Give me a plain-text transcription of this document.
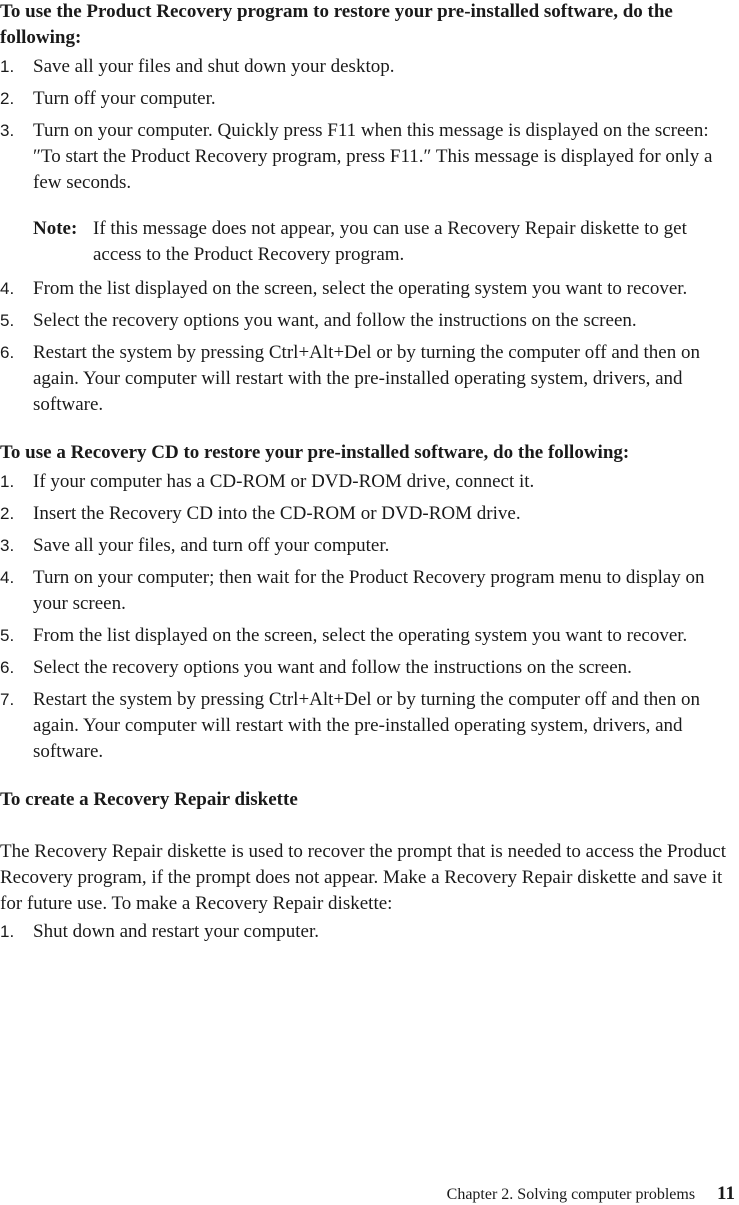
To use the Product Recovery program to restore your pre-installed software, do the following:

1. Save all your files and shut down your desktop.
2. Turn off your computer.
3. Turn on your computer. Quickly press F11 when this message is displayed on the screen: ″To start the Product Recovery program, press F11.″ This message is displayed for only a few seconds.
Note: If this message does not appear, you can use a Recovery Repair diskette to get access to the Product Recovery program.
4. From the list displayed on the screen, select the operating system you want to recover.
5. Select the recovery options you want, and follow the instructions on the screen.
6. Restart the system by pressing Ctrl+Alt+Del or by turning the computer off and then on again. Your computer will restart with the pre-installed operating system, drivers, and software.

To use a Recovery CD to restore your pre-installed software, do the following:

1. If your computer has a CD-ROM or DVD-ROM drive, connect it.
2. Insert the Recovery CD into the CD-ROM or DVD-ROM drive.
3. Save all your files, and turn off your computer.
4. Turn on your computer; then wait for the Product Recovery program menu to display on your screen.
5. From the list displayed on the screen, select the operating system you want to recover.
6. Select the recovery options you want and follow the instructions on the screen.
7. Restart the system by pressing Ctrl+Alt+Del or by turning the computer off and then on again. Your computer will restart with the pre-installed operating system, drivers, and software.

To create a Recovery Repair diskette

The Recovery Repair diskette is used to recover the prompt that is needed to access the Product Recovery program, if the prompt does not appear. Make a Recovery Repair diskette and save it for future use. To make a Recovery Repair diskette:

1. Shut down and restart your computer.
Chapter 2. Solving computer problems 11
